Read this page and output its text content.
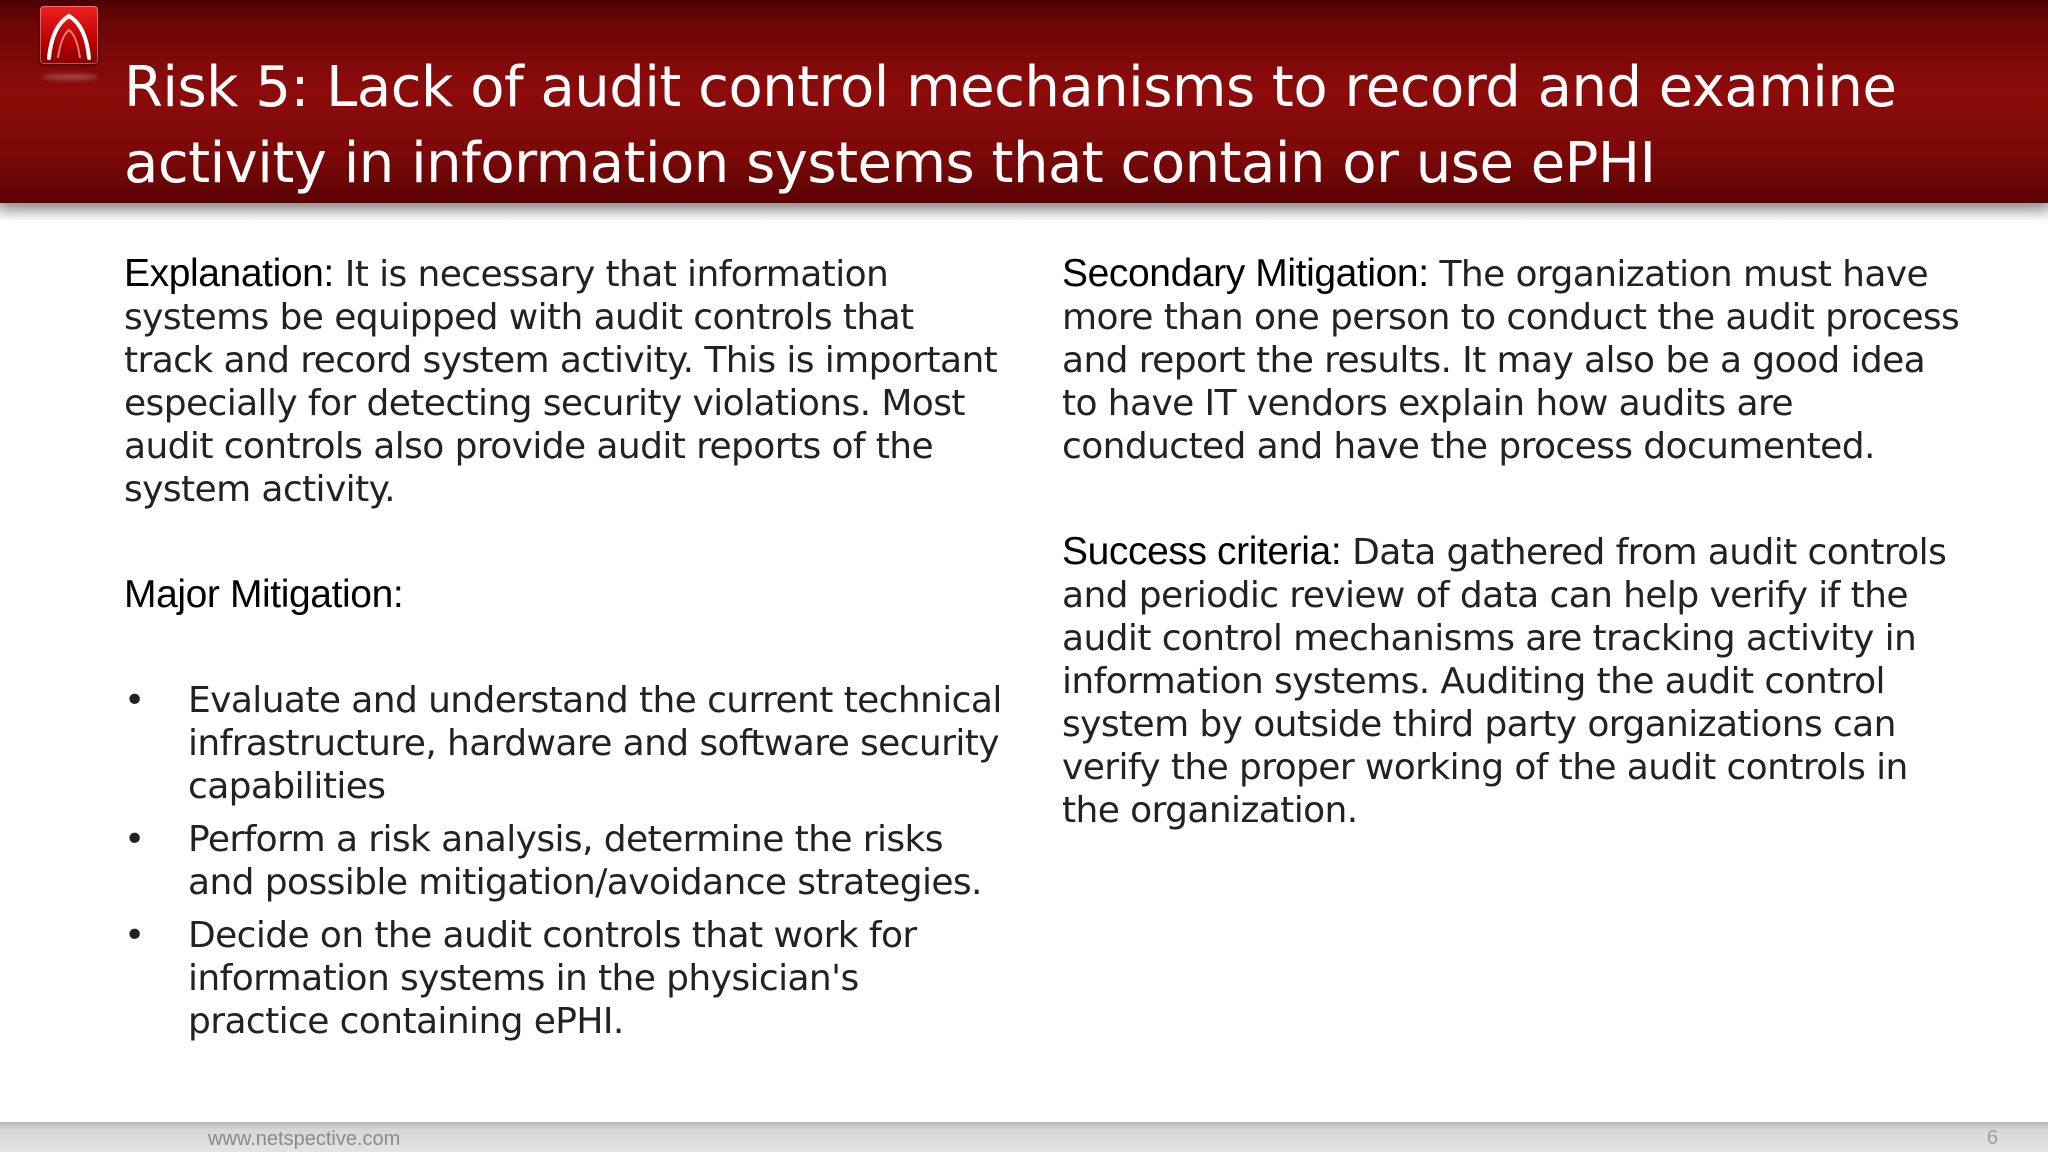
Risk 5: Lack of audit control mechanisms to record and examine activity in information systems that contain or use ePHI

Explanation: It is necessary that information systems be equipped with audit controls that track and record system activity. This is important especially for detecting security violations. Most audit controls also provide audit reports of the system activity.

Major Mitigation:

• Evaluate and understand the current technical infrastructure, hardware and software security capabilities
• Perform a risk analysis, determine the risks and possible mitigation/avoidance strategies.
• Decide on the audit controls that work for information systems in the physician's practice containing ePHI.

Secondary Mitigation: The organization must have more than one person to conduct the audit process and report the results. It may also be a good idea to have IT vendors explain how audits are conducted and have the process documented.

Success criteria: Data gathered from audit controls and periodic review of data can help verify if the audit control mechanisms are tracking activity in information systems. Auditing the audit control system by outside third party organizations can verify the proper working of the audit controls in the organization.

www.netspective.com	6
